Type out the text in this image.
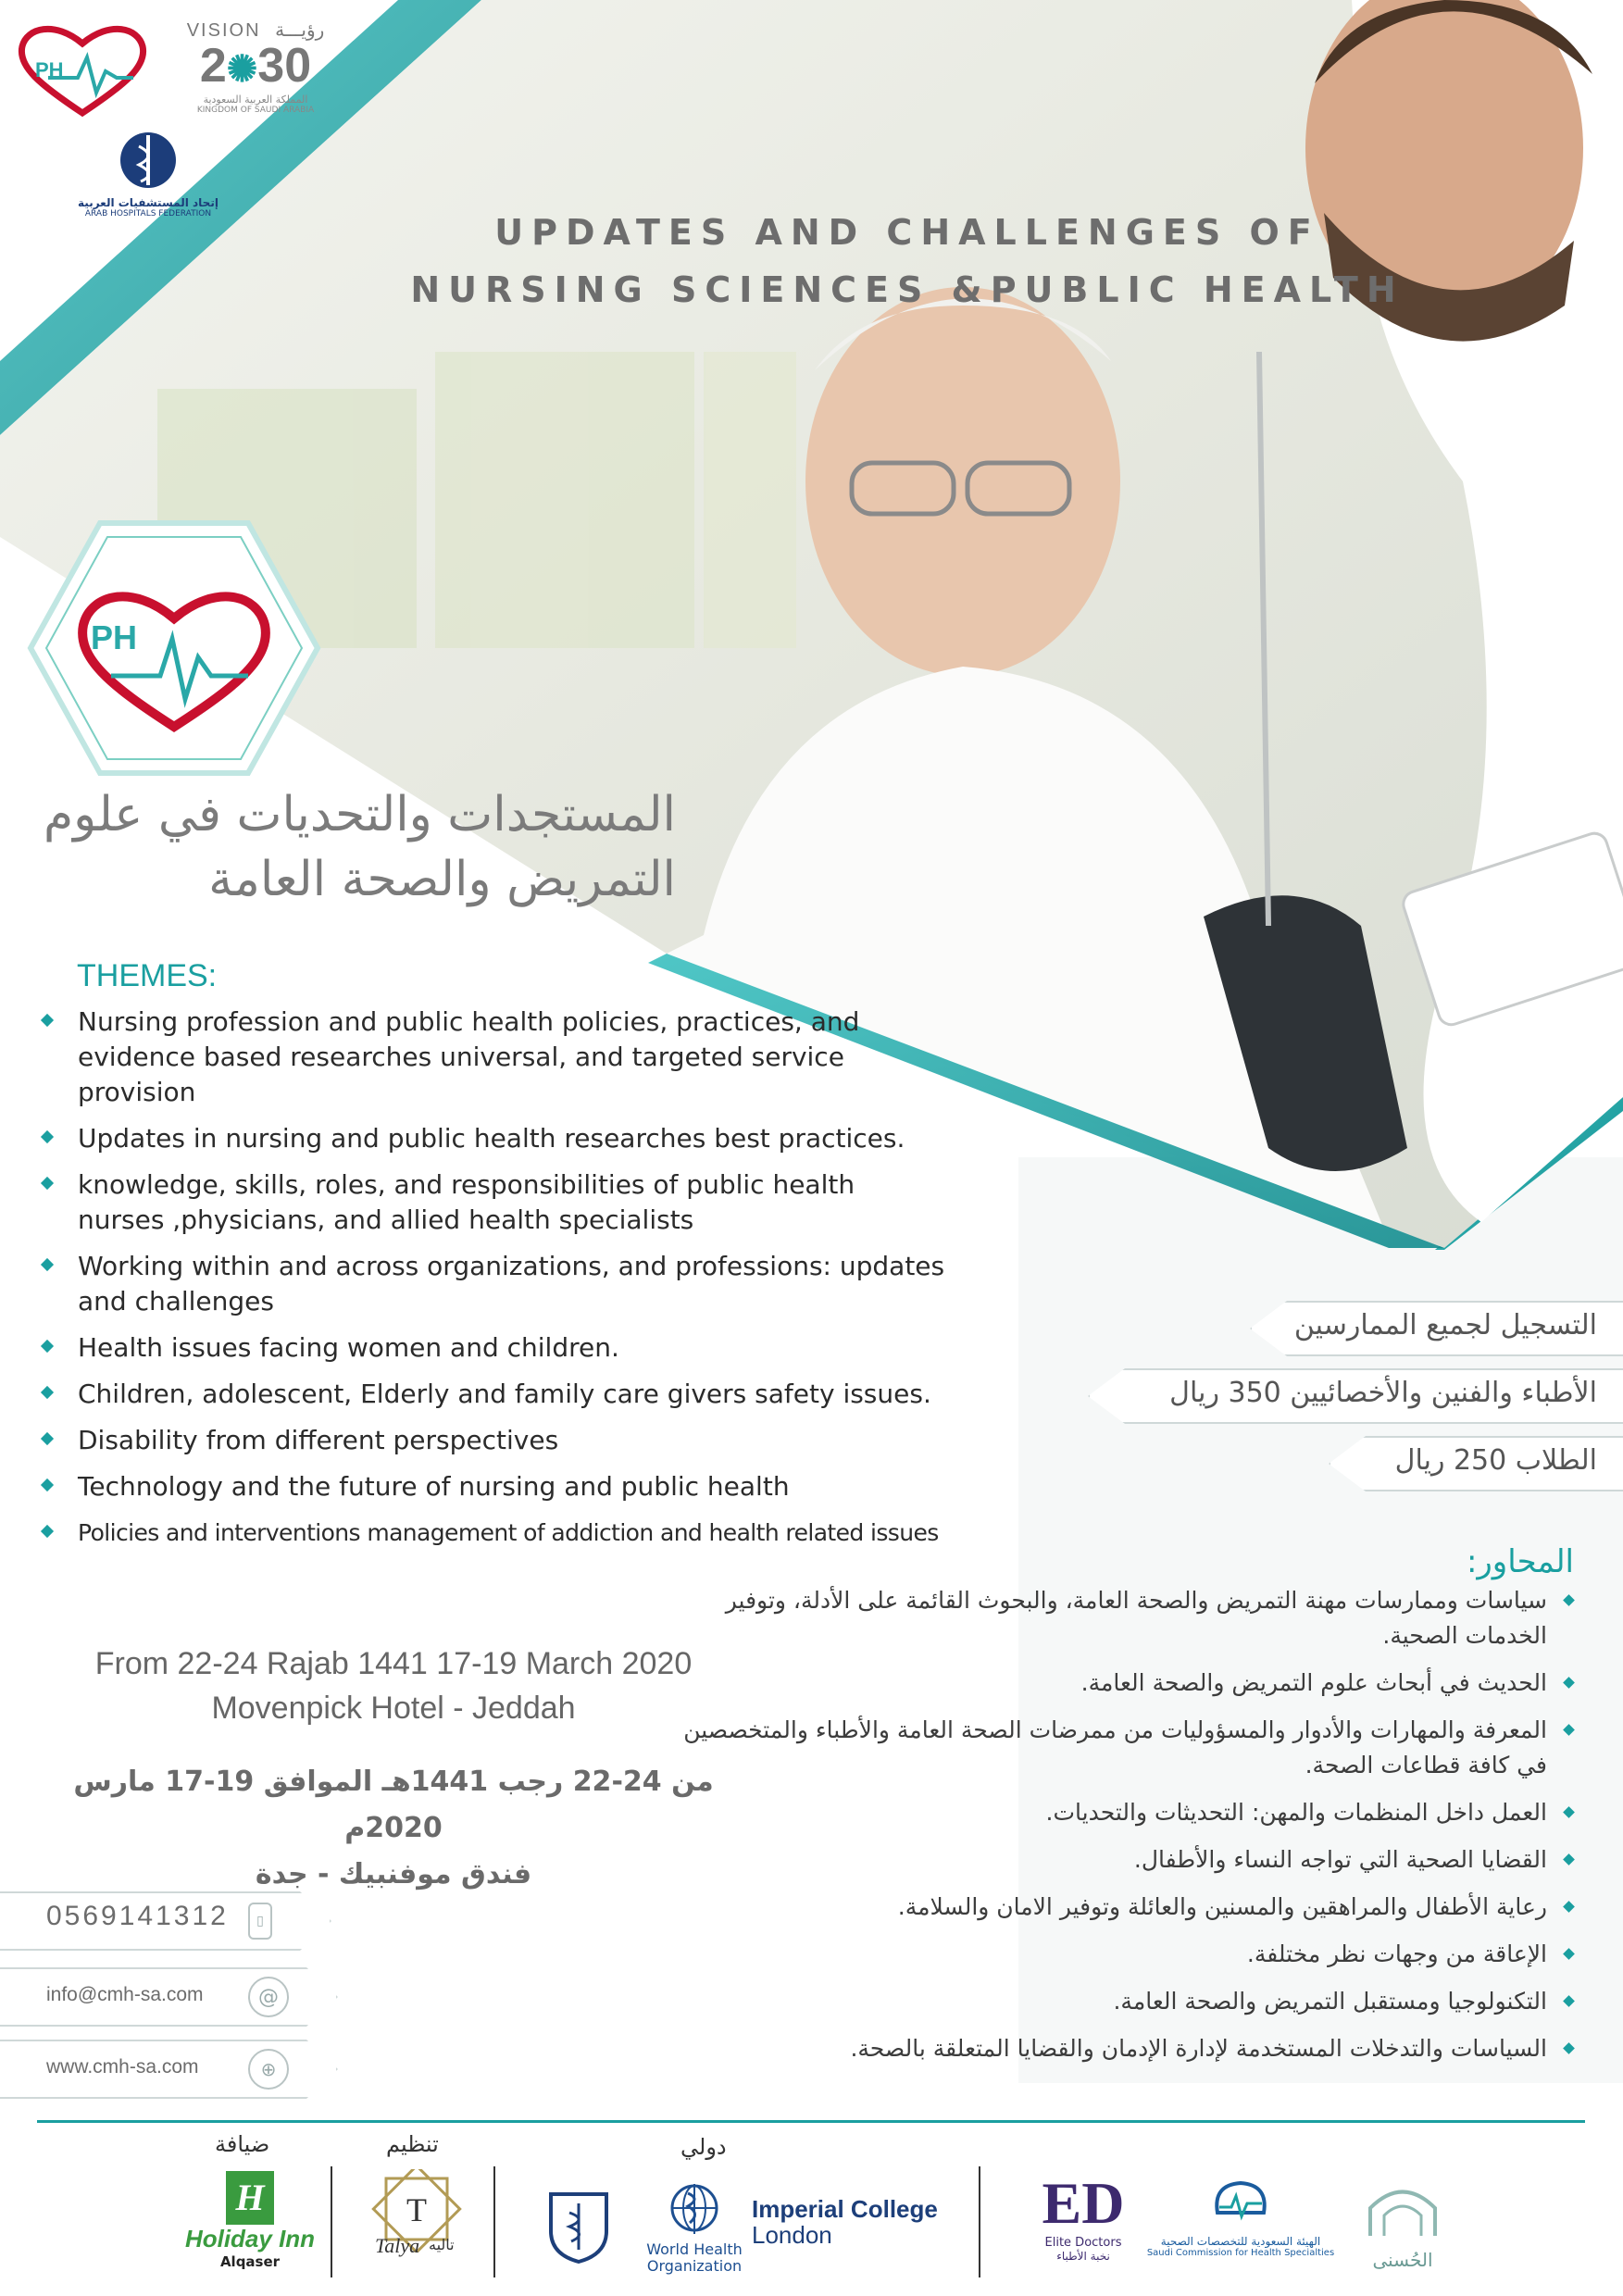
PH
VISION رؤيـــة
2✺30
المملكة العربية السعودية
KINGDOM OF SAUDI ARABIA
إتحاد المستشفيات العربية
ARAB HOSPITALS FEDERATION	UPDATES AND CHALLENGES OF
NURSING SCIENCES &PUBLIC HEALTH
PH
المستجدات والتحديات في علوم
التمريض والصحة العامة
THEMES:
Nursing profession and public health policies, practices, and evidence based researches universal, and targeted service provision
Updates in nursing and public health researches best practices.
knowledge, skills, roles, and responsibilities of public health nurses ,physicians, and allied health specialists
Working within and across organizations, and professions: updates and challenges
Health issues facing women and children.
Children, adolescent, Elderly and family care givers safety issues.
Disability from different perspectives
Technology and the future of nursing and public health
Policies and interventions management of addiction and health related issues
التسجيل لجميع الممارسين
الأطباء والفنين والأخصائيين 350 ريال
الطلاب 250 ريال
المحاور:
سياسات وممارسات مهنة التمريض والصحة العامة، والبحوث القائمة على الأدلة، وتوفير الخدمات الصحية.
الحديث في أبحاث علوم التمريض والصحة العامة.
المعرفة والمهارات والأدوار والمسؤوليات من ممرضات الصحة العامة والأطباء والمتخصصين في كافة قطاعات الصحة.
العمل داخل المنظمات والمهن: التحديثات والتحديات.
القضايا الصحية التي تواجه النساء والأطفال.
رعاية الأطفال والمراهقين والمسنين والعائلة وتوفير الامان والسلامة.
الإعاقة من وجهات نظر مختلفة.
التكنولوجيا ومستقبل التمريض والصحة العامة.
السياسات والتدخلات المستخدمة لإدارة الإدمان والقضايا المتعلقة بالصحة.
From 22-24 Rajab 1441 17-19 March 2020
Movenpick Hotel - Jeddah
من 24-22 رجب 1441هـ الموافق 19-17 مارس 2020م
فندق موفنبيك - جدة
0569141312	▯
info@cmh-sa.com	@
www.cmh-sa.com	⊕
ضيافة	تنظيم	دولي
H
Holiday Inn
Alqaser
T
Talya تاليه	World Health
Organization
Imperial College
London	ED
Elite Doctors
نخبة الأطباء
الهيئة السعودية للتخصصات الصحية
Saudi Commission for Health Specialties	الحُسنى
